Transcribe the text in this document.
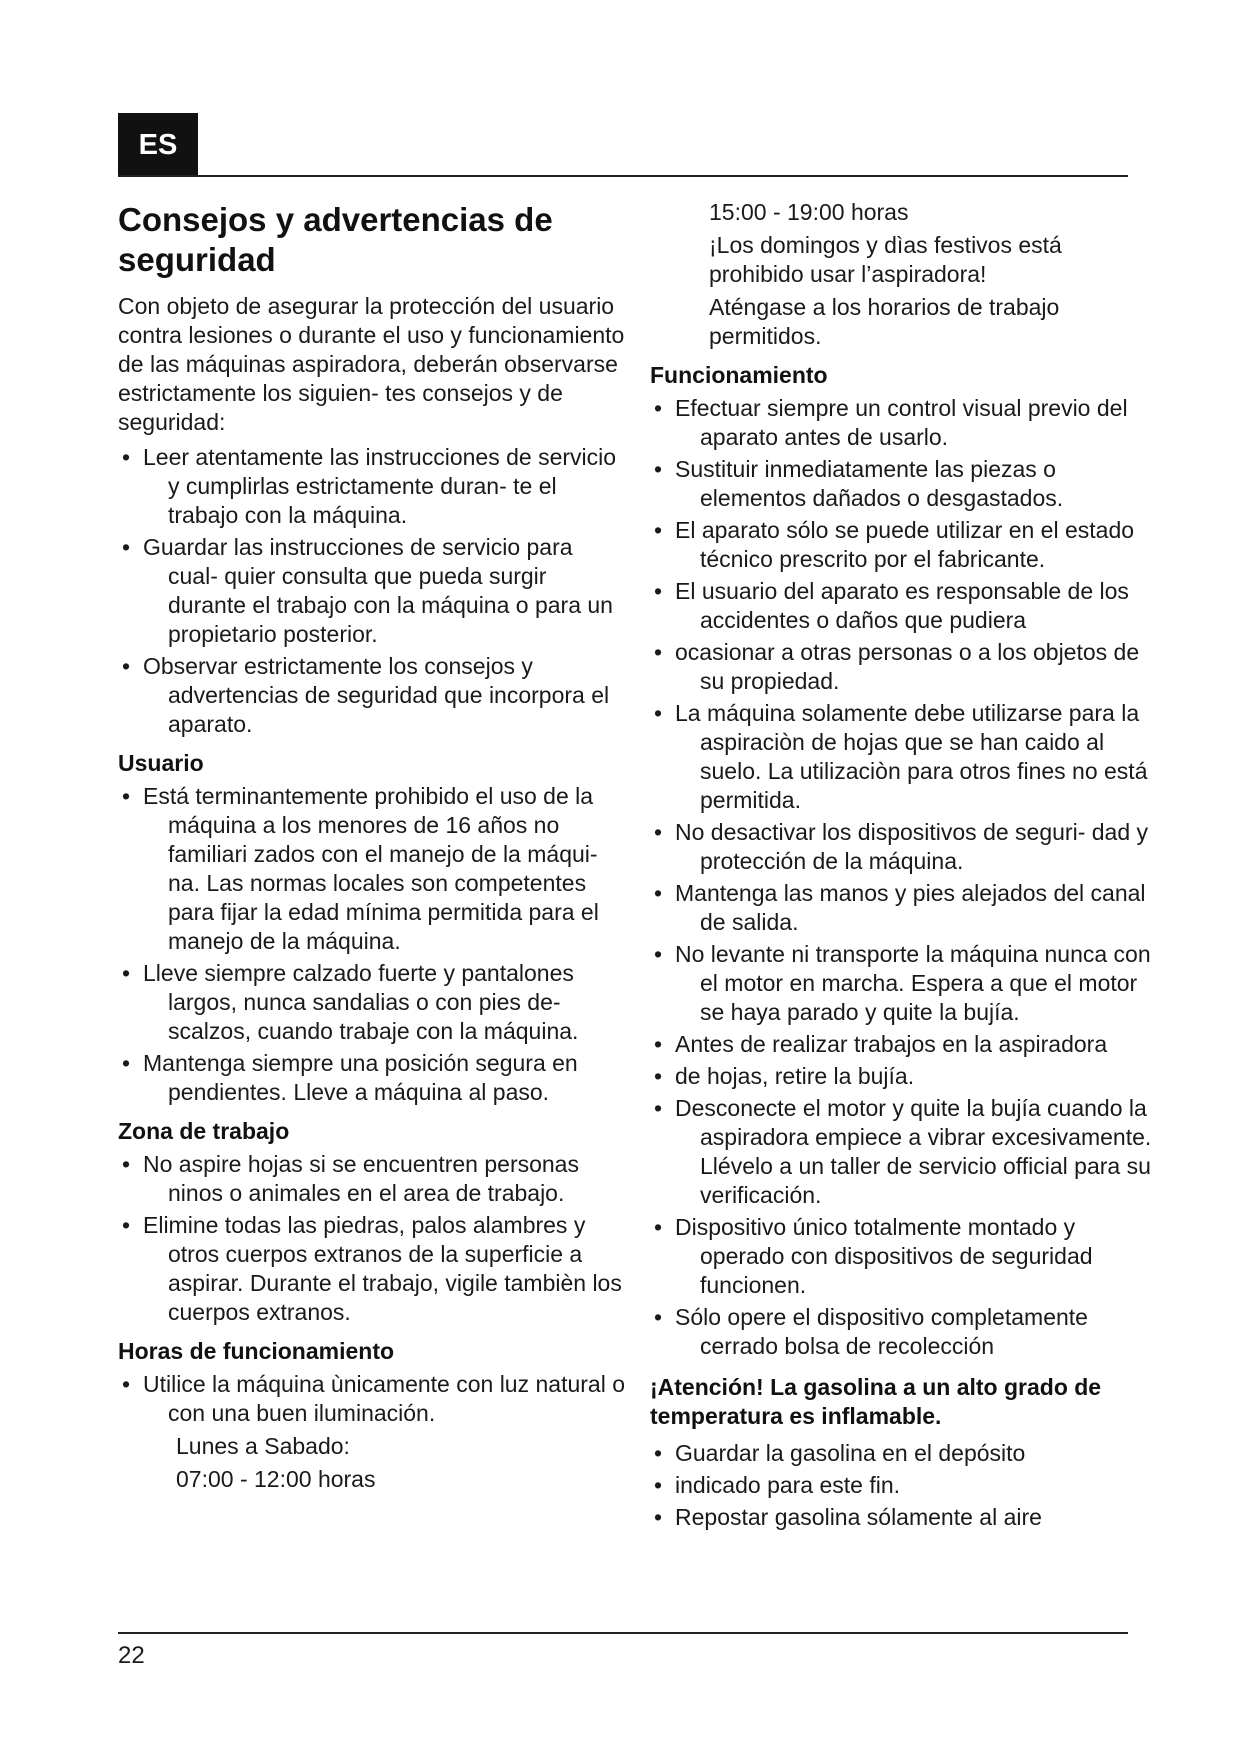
ES
Consejos y advertencias de seguridad

Con objeto de asegurar la protección del usuario contra lesiones o durante el uso y funcionamiento de las máquinas aspiradora, deberán observarse estrictamente los siguien- tes consejos y de seguridad:

• Leer atentamente las instrucciones de servicio y cumplirlas estrictamente duran- te el trabajo con la máquina.
• Guardar las instrucciones de servicio para cual- quier consulta que pueda surgir durante el trabajo con la máquina o para un propietario posterior.
• Observar estrictamente los consejos y advertencias de seguridad que incorpora el aparato.
Usuario
• Está terminantemente prohibido el uso de la máquina a los menores de 16 años no familiari zados con el manejo de la máqui- na. Las normas locales son competentes para fijar la edad mínima permitida para el manejo de la máquina.
• Lleve siempre calzado fuerte y pantalones largos, nunca sandalias o con pies de- scalzos, cuando trabaje con la máquina.
• Mantenga siempre una posición segura en pendientes. Lleve a máquina al paso.
Zona de trabajo
• No aspire hojas si se encuentren personas ninos o animales en el area de trabajo.
• Elimine todas las piedras, palos alambres y otros cuerpos extranos de la superficie a aspirar. Durante el trabajo, vigile tambièn los cuerpos extranos.
Horas de funcionamiento
• Utilice la máquina ùnicamente con luz natural o con una buen iluminación.

Lunes a Sabado:

07:00 - 12:00 horas

15:00 - 19:00 horas

¡Los domingos y dìas festivos está prohibido usar l’aspiradora!

Aténgase a los horarios de trabajo permitidos.

Funcionamiento
• Efectuar siempre un control visual previo del aparato antes de usarlo.
• Sustituir inmediatamente las piezas o elementos dañados o desgastados.
• El aparato sólo se puede utilizar en el estado técnico prescrito por el fabricante.
• El usuario del aparato es responsable de los accidentes o daños que pudiera
• ocasionar a otras personas o a los objetos de su propiedad.
• La máquina solamente debe utilizarse para la aspiraciòn de hojas que se han caido al suelo. La utilizaciòn para otros fines no está permitida.
• No desactivar los dispositivos de seguri- dad y protección de la máquina.
• Mantenga las manos y pies alejados del canal de salida.
• No levante ni transporte la máquina nunca con el motor en marcha. Espera a que el motor se haya parado y quite la bujía.
• Antes de realizar trabajos en la aspiradora
• de hojas, retire la bujía.
• Desconecte el motor y quite la bujía cuando la aspiradora empiece a vibrar excesivamente. Llévelo a un taller de servicio official para su verificación.
• Dispositivo único totalmente montado y operado con dispositivos de seguridad funcionen.
• Sólo opere el dispositivo completamente cerrado bolsa de recolección

¡Atención! La gasolina a un alto grado de temperatura es inflamable.

• Guardar la gasolina en el depósito
• indicado para este fin.
• Repostar gasolina sólamente al aire
22
